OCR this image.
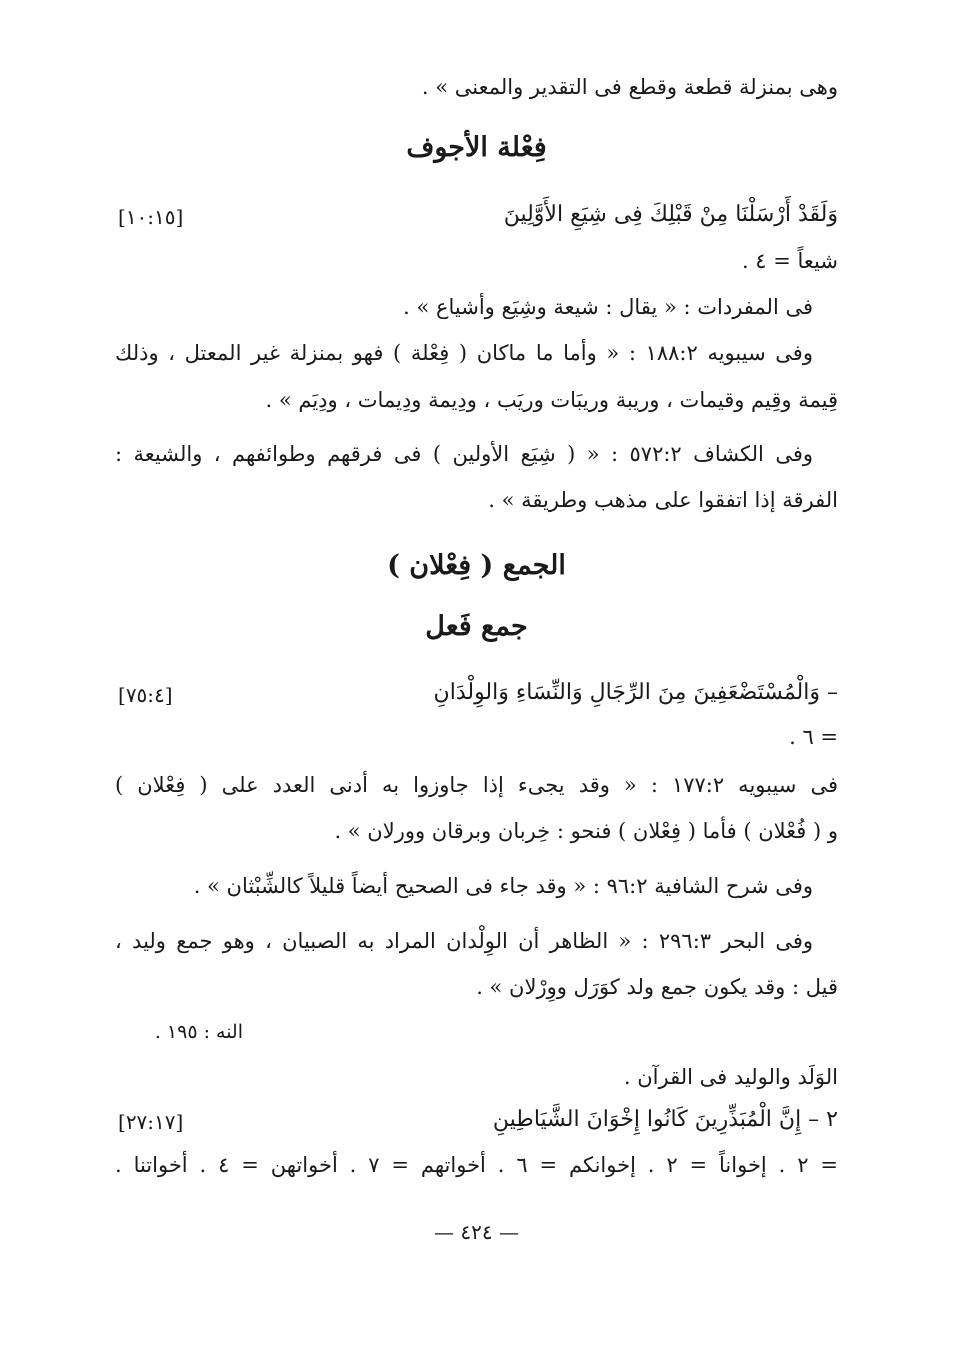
وهى بمنزلة قطعة وقطع فى التقدير والمعنى » .
فِعْلة الأجوف
وَلَقَدْ أَرْسَلْنَا مِنْ قَبْلِكَ فِى شِيَعِ الأَوَّلِينَ
[١٠:١٥]
شيعاً = ٤ .
فى المفردات : « يقال : شيعة وشِيَع وأشياع » .
وفى سيبويه ١٨٨:٢ : « وأما ما ماكان ( فِعْلة ) فهو بمنزلة غير المعتل ، وذلك
قِيمة وقِيم وقيمات ، وريبة وريبَات وريَب ، ودِيمة ودِيمات ، ودِيَم » .
وفى الكشاف ٥٧٢:٢ : « ( شِيَع الأولين ) فى فرقهم وطوائفهم ، والشيعة :
الفرقة إذا اتفقوا على مذهب وطريقة » .
الجمع ( فِعْلان )
جمع فَعل
– وَالْمُسْتَضْعَفِينَ مِنَ الرِّجَالِ وَالنِّسَاءِ وَالوِلْدَانِ
[٧٥:٤]
= ٦ .
فى سيبويه ١٧٧:٢ : « وقد يجىء إذا جاوزوا به أدنى العدد على ( فِعْلان )
و ( فُعْلان ) فأما ( فِعْلان ) فنحو : خِربان وبرقان وورلان » .
وفى شرح الشافية ٩٦:٢ : « وقد جاء فى الصحيح أيضاً قليلاً كالشِّبْثان » .
وفى البحر ٢٩٦:٣ : « الظاهر أن الوِلْدان المراد به الصبيان ، وهو جمع وليد ،
قيل : وقد يكون جمع ولد كوَرَل ووِرْلان » .
النه : ١٩٥ .
الوَلَد والوليد فى القرآن .
٢ – إِنَّ الْمُبَذِّرِينَ كَانُوا إِخْوَانَ الشَّيَاطِينِ
[٢٧:١٧]
= ٢ . إخواناً = ٢ . إخوانكم = ٦ . أخواتهم = ٧ . أخواتهن = ٤ . أخواتنا .
— ٤٢٤ —
